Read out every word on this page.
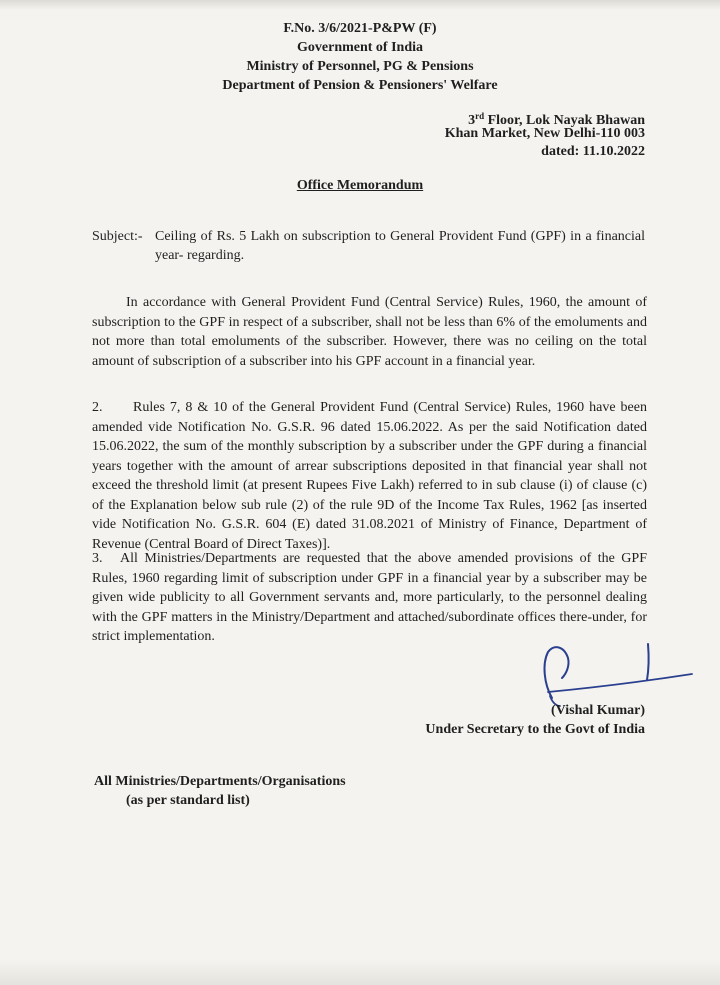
F.No. 3/6/2021-P&PW (F)
Government of India
Ministry of Personnel, PG & Pensions
Department of Pension & Pensioners' Welfare
3rd Floor, Lok Nayak Bhawan
Khan Market, New Delhi-110 003
dated: 11.10.2022
Office Memorandum
Subject:- Ceiling of Rs. 5 Lakh on subscription to General Provident Fund (GPF) in a financial year- regarding.
In accordance with General Provident Fund (Central Service) Rules, 1960, the amount of subscription to the GPF in respect of a subscriber, shall not be less than 6% of the emoluments and not more than total emoluments of the subscriber. However, there was no ceiling on the total amount of subscription of a subscriber into his GPF account in a financial year.
2. Rules 7, 8 & 10 of the General Provident Fund (Central Service) Rules, 1960 have been amended vide Notification No. G.S.R. 96 dated 15.06.2022. As per the said Notification dated 15.06.2022, the sum of the monthly subscription by a subscriber under the GPF during a financial years together with the amount of arrear subscriptions deposited in that financial year shall not exceed the threshold limit (at present Rupees Five Lakh) referred to in sub clause (i) of clause (c) of the Explanation below sub rule (2) of the rule 9D of the Income Tax Rules, 1962 [as inserted vide Notification No. G.S.R. 604 (E) dated 31.08.2021 of Ministry of Finance, Department of Revenue (Central Board of Direct Taxes)].
3. All Ministries/Departments are requested that the above amended provisions of the GPF Rules, 1960 regarding limit of subscription under GPF in a financial year by a subscriber may be given wide publicity to all Government servants and, more particularly, to the personnel dealing with the GPF matters in the Ministry/Department and attached/subordinate offices there-under, for strict implementation.
(Vishal Kumar)
Under Secretary to the Govt of India
All Ministries/Departments/Organisations
(as per standard list)
